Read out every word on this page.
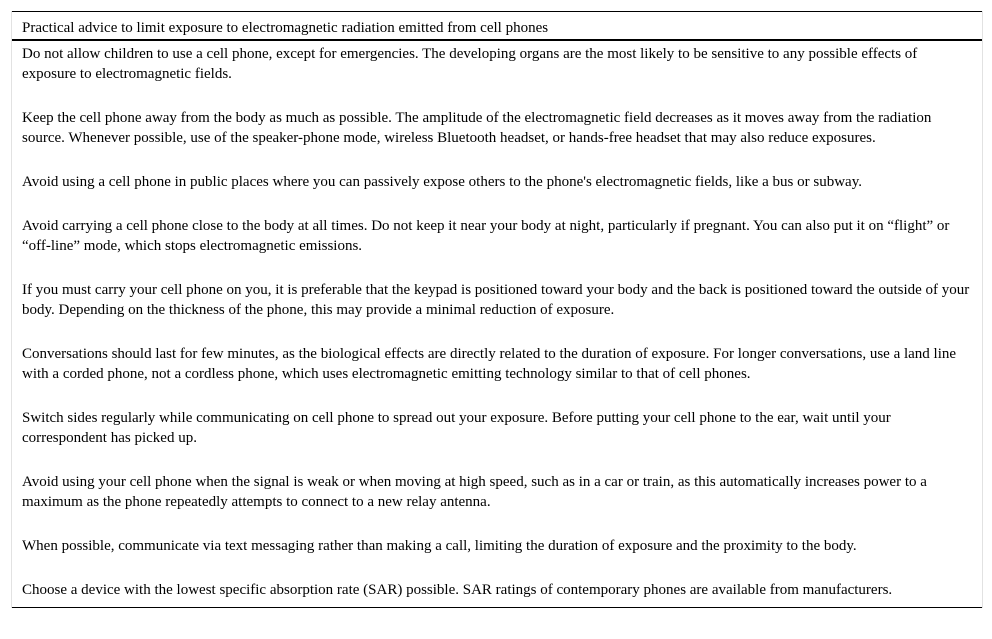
Practical advice to limit exposure to electromagnetic radiation emitted from cell phones

Do not allow children to use a cell phone, except for emergencies. The developing organs are the most likely to be sensitive to any possible effects of exposure to electromagnetic fields.

Keep the cell phone away from the body as much as possible. The amplitude of the electromagnetic field decreases as it moves away from the radiation source. Whenever possible, use of the speaker-phone mode, wireless Bluetooth headset, or hands-free headset that may also reduce exposures.

Avoid using a cell phone in public places where you can passively expose others to the phone's electromagnetic fields, like a bus or subway.

Avoid carrying a cell phone close to the body at all times. Do not keep it near your body at night, particularly if pregnant. You can also put it on “flight” or “off-line” mode, which stops electromagnetic emissions.

If you must carry your cell phone on you, it is preferable that the keypad is positioned toward your body and the back is positioned toward the outside of your body. Depending on the thickness of the phone, this may provide a minimal reduction of exposure.

Conversations should last for few minutes, as the biological effects are directly related to the duration of exposure. For longer conversations, use a land line with a corded phone, not a cordless phone, which uses electromagnetic emitting technology similar to that of cell phones.

Switch sides regularly while communicating on cell phone to spread out your exposure. Before putting your cell phone to the ear, wait until your correspondent has picked up.

Avoid using your cell phone when the signal is weak or when moving at high speed, such as in a car or train, as this automatically increases power to a maximum as the phone repeatedly attempts to connect to a new relay antenna.

When possible, communicate via text messaging rather than making a call, limiting the duration of exposure and the proximity to the body.

Choose a device with the lowest specific absorption rate (SAR) possible. SAR ratings of contemporary phones are available from manufacturers.
